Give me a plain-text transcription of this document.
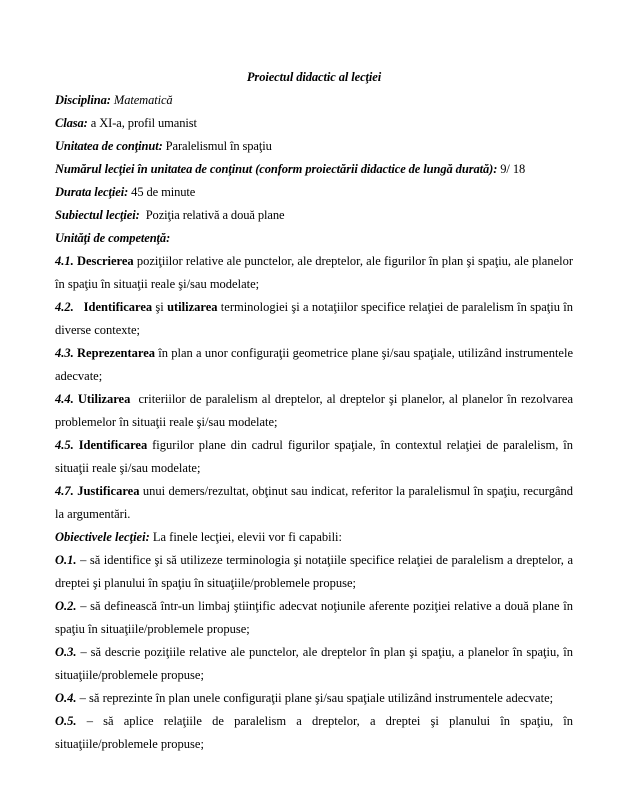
Proiectul didactic al lecţiei

Disciplina: Matematică

Clasa: a XI-a, profil umanist

Unitatea de conţinut: Paralelismul în spaţiu

Numărul lecţiei în unitatea de conţinut (conform proiectării didactice de lungă durată): 9/ 18

Durata lecţiei: 45 de minute

Subiectul lecţiei:  Poziţia relativă a două plane

Unităţi de competenţă:

4.1. Descrierea poziţiilor relative ale punctelor, ale dreptelor, ale figurilor în plan şi spaţiu, ale planelor în spaţiu în situaţii reale şi/sau modelate;

4.2.   Identificarea şi utilizarea terminologiei şi a notaţiilor specifice relaţiei de paralelism în spaţiu în diverse contexte;

4.3. Reprezentarea în plan a unor configuraţii geometrice plane şi/sau spaţiale, utilizând instrumentele adecvate;

4.4. Utilizarea  criteriilor de paralelism al dreptelor, al dreptelor şi planelor, al planelor în rezolvarea problemelor în situaţii reale şi/sau modelate;

4.5. Identificarea figurilor plane din cadrul figurilor spaţiale, în contextul relaţiei de paralelism, în situaţii reale şi/sau modelate;

4.7. Justificarea unui demers/rezultat, obţinut sau indicat, referitor la paralelismul în spaţiu, recurgând la argumentări.

Obiectivele lecţiei: La finele lecţiei, elevii vor fi capabili:

O.1. – să identifice şi să utilizeze terminologia şi notaţiile specifice relaţiei de paralelism a dreptelor, a dreptei şi planului în spaţiu în situaţiile/problemele propuse;

O.2. – să definească într-un limbaj ştiinţific adecvat noţiunile aferente poziţiei relative a două plane în spaţiu în situaţiile/problemele propuse;

O.3. – să descrie poziţiile relative ale punctelor, ale dreptelor în plan şi spaţiu, a planelor în spaţiu, în situaţiile/problemele propuse;

O.4. – să reprezinte în plan unele configuraţii plane şi/sau spaţiale utilizând instrumentele adecvate;

O.5. – să aplice relaţiile de paralelism a dreptelor, a dreptei şi planului în spaţiu, în situaţiile/problemele propuse;
